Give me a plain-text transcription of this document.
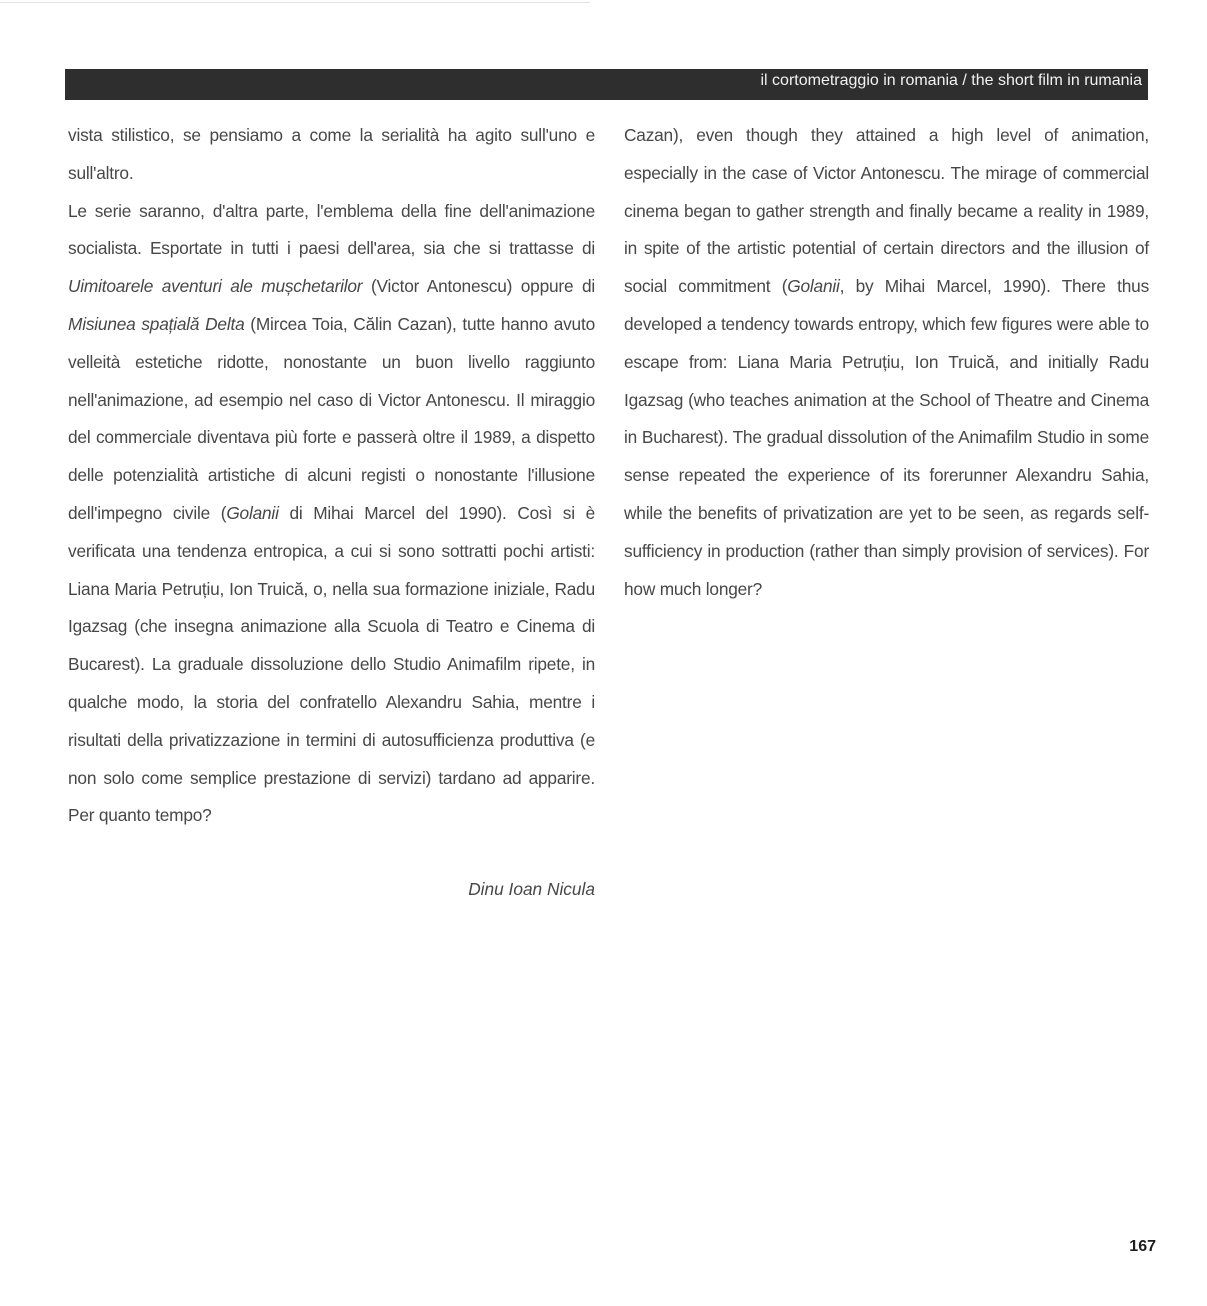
il cortometraggio in romania / the short film in rumania

vista stilistico, se pensiamo a come la serialità ha agito sull'uno e sull'altro.

Le serie saranno, d'altra parte, l'emblema della fine dell'animazione socialista. Esportate in tutti i paesi dell'area, sia che si trattasse di Uimitoarele aventuri ale mușchetarilor (Victor Antonescu) oppure di Misiunea spațială Delta (Mircea Toia, Călin Cazan), tutte hanno avuto velleità estetiche ridotte, nonostante un buon livello raggiunto nell'animazione, ad esempio nel caso di Victor Antonescu. Il miraggio del commerciale diventava più forte e passerà oltre il 1989, a dispetto delle potenzialità artistiche di alcuni registi o nonostante l'illusione dell'impegno civile (Golanii di Mihai Marcel del 1990). Così si è verificata una tendenza entropica, a cui si sono sottratti pochi artisti: Liana Maria Petruțiu, Ion Truică, o, nella sua formazione iniziale, Radu Igazsag (che insegna animazione alla Scuola di Teatro e Cinema di Bucarest). La graduale dissoluzione dello Studio Animafilm ripete, in qualche modo, la storia del confratello Alexandru Sahia, mentre i risultati della privatizzazione in termini di autosufficienza produttiva (e non solo come semplice prestazione di servizi) tardano ad apparire. Per quanto tempo?

Dinu Ioan Nicula

Cazan), even though they attained a high level of animation, especially in the case of Victor Antonescu. The mirage of commercial cinema began to gather strength and finally became a reality in 1989, in spite of the artistic potential of certain directors and the illusion of social commitment (Golanii, by Mihai Marcel, 1990). There thus developed a tendency towards entropy, which few figures were able to escape from: Liana Maria Petruțiu, Ion Truică, and initially Radu Igazsag (who teaches animation at the School of Theatre and Cinema in Bucharest). The gradual dissolution of the Animafilm Studio in some sense repeated the experience of its forerunner Alexandru Sahia, while the benefits of privatization are yet to be seen, as regards self-sufficiency in production (rather than simply provision of services). For how much longer?

167
